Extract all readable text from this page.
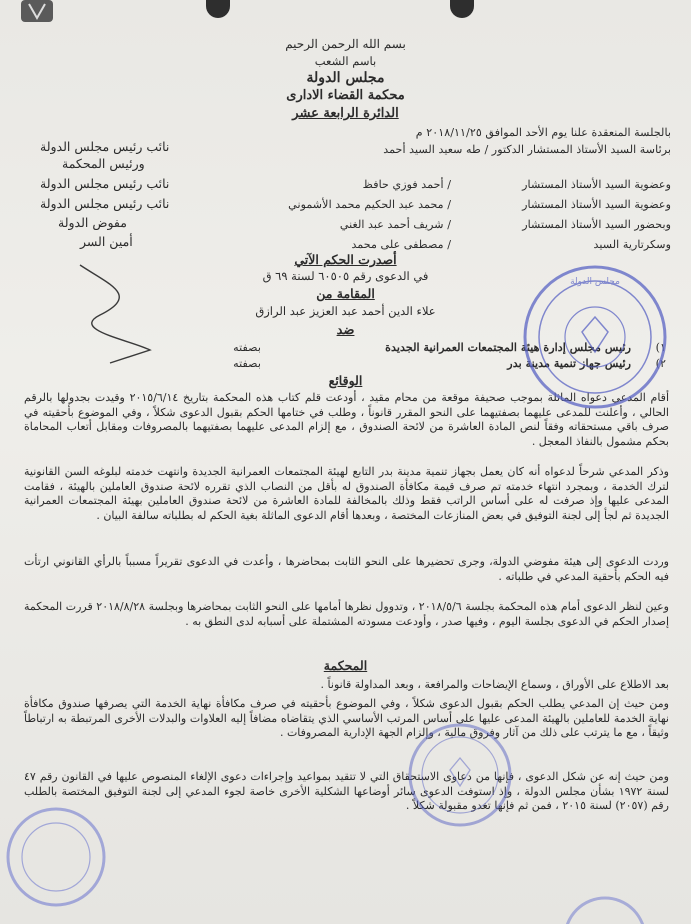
بسم الله الرحمن الرحيم
باسم الشعب
مجلس الدولة
محكمة القضاء الادارى
الدائرة الرابعة عشر
بالجلسة المنعقدة علنا يوم الأحد الموافق ٢٠١٨/١١/٢٥ م
برئاسة السيد الأستاذ المستشار الدكتور / طه سعيد السيد أحمد
وعضوية السيد الأستاذ المستشار
/ أحمد فوزي حافظ
وعضوية السيد الأستاذ المستشار
/ محمد عبد الحكيم محمد الأشموني
وبحضور السيد الأستاذ المستشار
/ شريف أحمد عبد الغني
وسكرتارية السيد
/ مصطفى على محمد
نائب رئيس مجلس الدولة
ورئيس المحكمة
نائب رئيس مجلس الدولة
نائب رئيس مجلس الدولة
مفوض الدولة
أمين السر
أصدرت الحكم الآتي
في الدعوى رقم ٦٠٥٠٥ لسنة ٦٩ ق
المقامة من
علاء الدين أحمد عبد العزيز عبد الرازق
ضد
١)
رئيس مجلس إدارة هيئة المجتمعات العمرانية الجديدة
بصفته
٢)
رئيس جهاز تنمية مدينة بدر
بصفته
الوقائع
أقام المدعي دعواه الماثلة بموجب صحيفة موقعة من محام مقيد ، أودعت قلم كتاب هذه المحكمة بتاريخ ٢٠١٥/٦/١٤ وقيدت بجدولها بالرقم الحالي ، وأعلنت للمدعى عليهما بصفتيهما على النحو المقرر قانوناً ، وطلب في ختامها الحكم بقبول الدعوى شكلاً ، وفي الموضوع بأحقيته في صرف باقي مستحقاته وفقاً لنص المادة العاشرة من لائحة الصندوق ، مع إلزام المدعى عليهما بصفتيهما بالمصروفات ومقابل أتعاب المحاماة بحكم مشمول بالنفاذ المعجل .
وذكر المدعي شرحاً لدعواه أنه كان يعمل بجهاز تنمية مدينة بدر التابع لهيئة المجتمعات العمرانية الجديدة وانتهت خدمته لبلوغه السن القانونية لترك الخدمة ، وبمجرد انتهاء خدمته تم صرف قيمة مكافأة الصندوق له بأقل من النصاب الذي تقرره لائحة صندوق العاملين بالهيئة ، فقامت المدعى عليها وإذ صرفت له على أساس الراتب فقط وذلك بالمخالفة للمادة العاشرة من لائحة صندوق العاملين بهيئة المجتمعات العمرانية الجديدة ثم لجأ إلى لجنة التوفيق في بعض المنازعات المختصة ، وبعدها أقام الدعوى الماثلة بغية الحكم له بطلباته سالفة البيان .
وردت الدعوى إلى هيئة مفوضي الدولة، وجرى تحضيرها على النحو الثابت بمحاضرها ، وأعدت في الدعوى تقريراً مسبباً بالرأي القانوني ارتأت فيه الحكم بأحقية المدعي في طلباته .
وعين لنظر الدعوى أمام هذه المحكمة بجلسة ٢٠١٨/٥/٦ ، وتدوول نظرها أمامها على النحو الثابت بمحاضرها وبجلسة ٢٠١٨/٨/٢٨ قررت المحكمة إصدار الحكم في الدعوى بجلسة اليوم ، وفيها صدر ، وأودعت مسودته المشتملة على أسبابه لدى النطق به .
المحكمة
بعد الاطلاع على الأوراق ، وسماع الإيضاحات والمرافعة ، وبعد المداولة قانوناً .
ومن حيث إن المدعي يطلب الحكم بقبول الدعوى شكلاً ، وفي الموضوع بأحقيته في صرف مكافأة نهاية الخدمة التي يصرفها صندوق مكافأة نهاية الخدمة للعاملين بالهيئة المدعى عليها على أساس المرتب الأساسي الذي يتقاضاه مضافاً إليه العلاوات والبدلات الأخرى المرتبطة به ارتباطاً وثيقاً ، مع ما يترتب على ذلك من آثار وفروق مالية ، وإلزام الجهة الإدارية المصروفات .
ومن حيث إنه عن شكل الدعوى ، فإنها من دعاوى الاستحقاق التي لا تتقيد بمواعيد وإجراءات دعوى الإلغاء المنصوص عليها في القانون رقم ٤٧ لسنة ١٩٧٢ بشأن مجلس الدولة ، وإذ استوفت الدعوى سائر أوضاعها الشكلية الأخرى خاصة لجوء المدعي إلى لجنة التوفيق المختصة بالطلب رقم (٢٠٥٧) لسنة ٢٠١٥ ، فمن ثم فإنها تغدو مقبولة شكلاً .
مجلس الدولة
